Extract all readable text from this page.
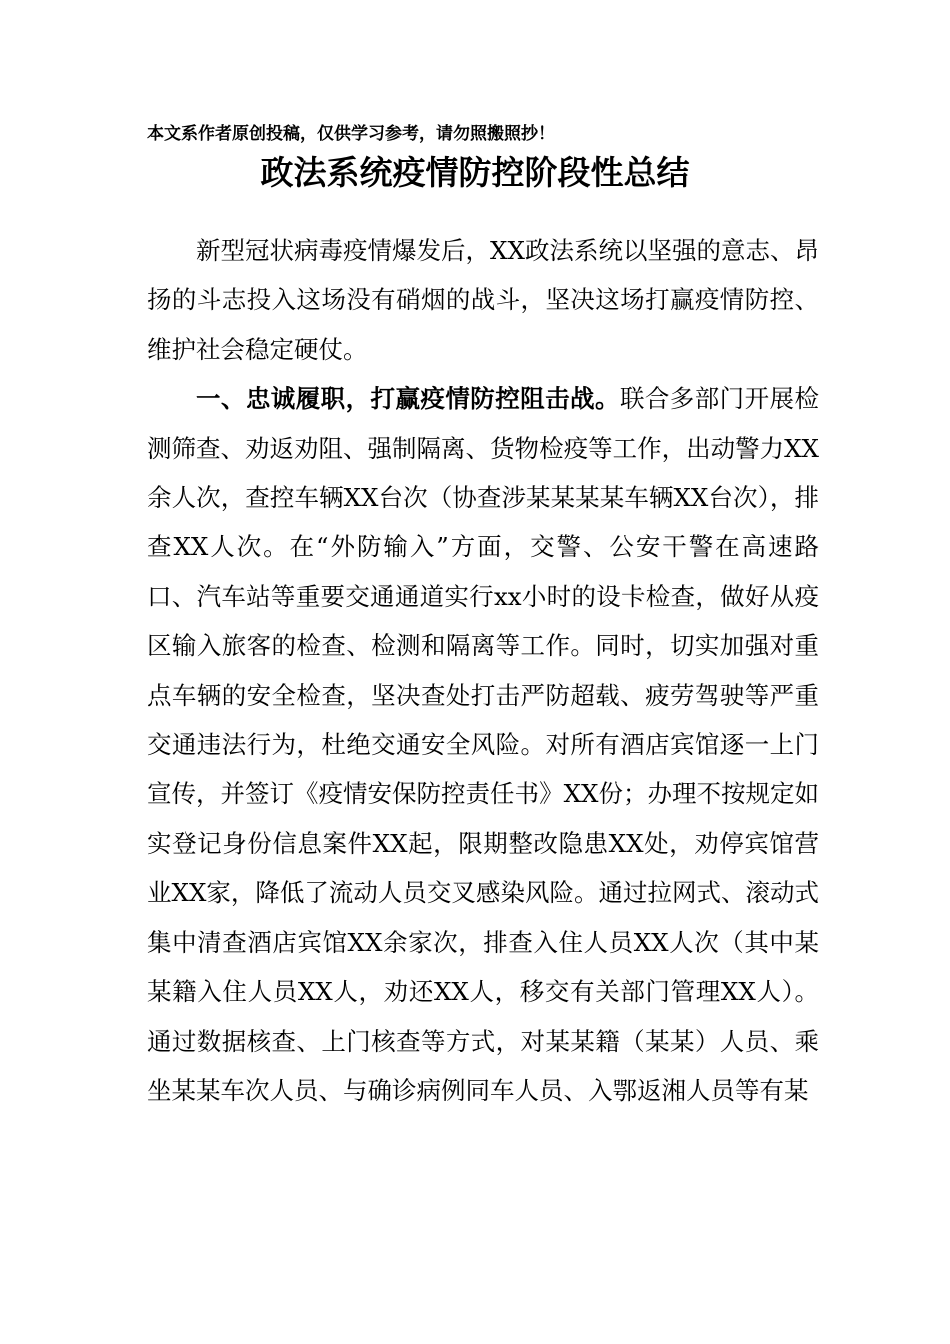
本文系作者原创投稿，仅供学习参考，请勿照搬照抄！
政法系统疫情防控阶段性总结

新型冠状病毒疫情爆发后，XX政法系统以坚强的意志、昂扬的斗志投入这场没有硝烟的战斗，坚决这场打赢疫情防控、维护社会稳定硬仗。

一、忠诚履职，打赢疫情防控阻击战。联合多部门开展检测筛查、劝返劝阻、强制隔离、货物检疫等工作，出动警力XX余人次，查控车辆XX台次（协查涉某某某某车辆XX台次），排查XX人次。在“外防输入”方面，交警、公安干警在高速路口、汽车站等重要交通通道实行xx小时的设卡检查，做好从疫区输入旅客的检查、检测和隔离等工作。同时，切实加强对重点车辆的安全检查，坚决查处打击严防超载、疲劳驾驶等严重交通违法行为，杜绝交通安全风险。对所有酒店宾馆逐一上门宣传，并签订《疫情安保防控责任书》XX份；办理不按规定如实登记身份信息案件XX起，限期整改隐患XX处，劝停宾馆营业XX家，降低了流动人员交叉感染风险。通过拉网式、滚动式集中清查酒店宾馆XX余家次，排查入住人员XX人次（其中某某籍入住人员XX人，劝还XX人，移交有关部门管理XX人）。通过数据核查、上门核查等方式，对某某籍（某某）人员、乘坐某某车次人员、与确诊病例同车人员、入鄂返湘人员等有某
